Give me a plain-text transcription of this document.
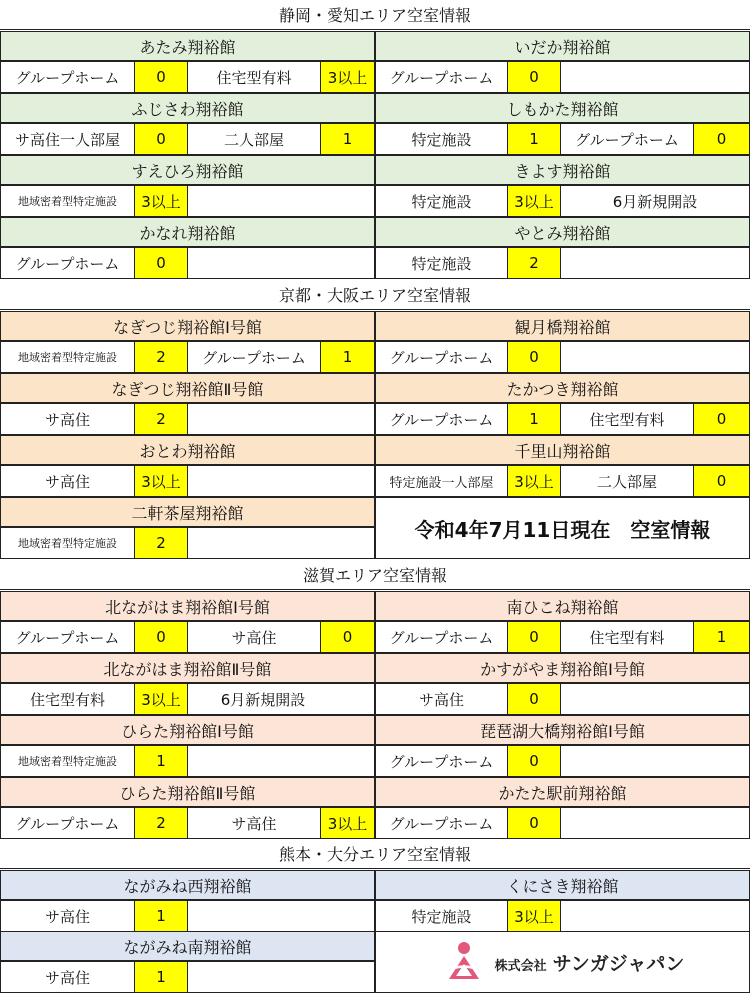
静岡・愛知エリア空室情報
あたみ翔裕館
グループホーム	0	住宅型有料	3以上
いだか翔裕館
グループホーム	0
ふじさわ翔裕館
サ高住一人部屋	0	二人部屋	1
しもかた翔裕館
特定施設	1	グループホーム	0
すえひろ翔裕館
地域密着型特定施設	3以上
きよす翔裕館
特定施設	3以上	6月新規開設
かなれ翔裕館
グループホーム	0
やとみ翔裕館
特定施設	2
京都・大阪エリア空室情報
なぎつじ翔裕館Ⅰ号館
地域密着型特定施設	2	グループホーム	1
観月橋翔裕館
グループホーム	0
なぎつじ翔裕館Ⅱ号館
サ高住	2
たかつき翔裕館
グループホーム	1	住宅型有料	0
おとわ翔裕館
サ高住	3以上
千里山翔裕館
特定施設一人部屋	3以上	二人部屋	0
二軒茶屋翔裕館
地域密着型特定施設	2
令和4年7月11日現在　空室情報
滋賀エリア空室情報
北ながはま翔裕館Ⅰ号館
グループホーム	0	サ高住	0
南ひこね翔裕館
グループホーム	0	住宅型有料	1
北ながはま翔裕館Ⅱ号館
住宅型有料	3以上	6月新規開設
かすがやま翔裕館Ⅰ号館
サ高住	0
ひらた翔裕館Ⅰ号館
地域密着型特定施設	1
琵琶湖大橋翔裕館Ⅰ号館
グループホーム	0
ひらた翔裕館Ⅱ号館
グループホーム	2	サ高住	3以上
かたた駅前翔裕館
グループホーム	0
熊本・大分エリア空室情報
ながみね西翔裕館
サ高住	1
くにさき翔裕館
特定施設	3以上
ながみね南翔裕館
サ高住	1
株式会社 サンガジャパン
